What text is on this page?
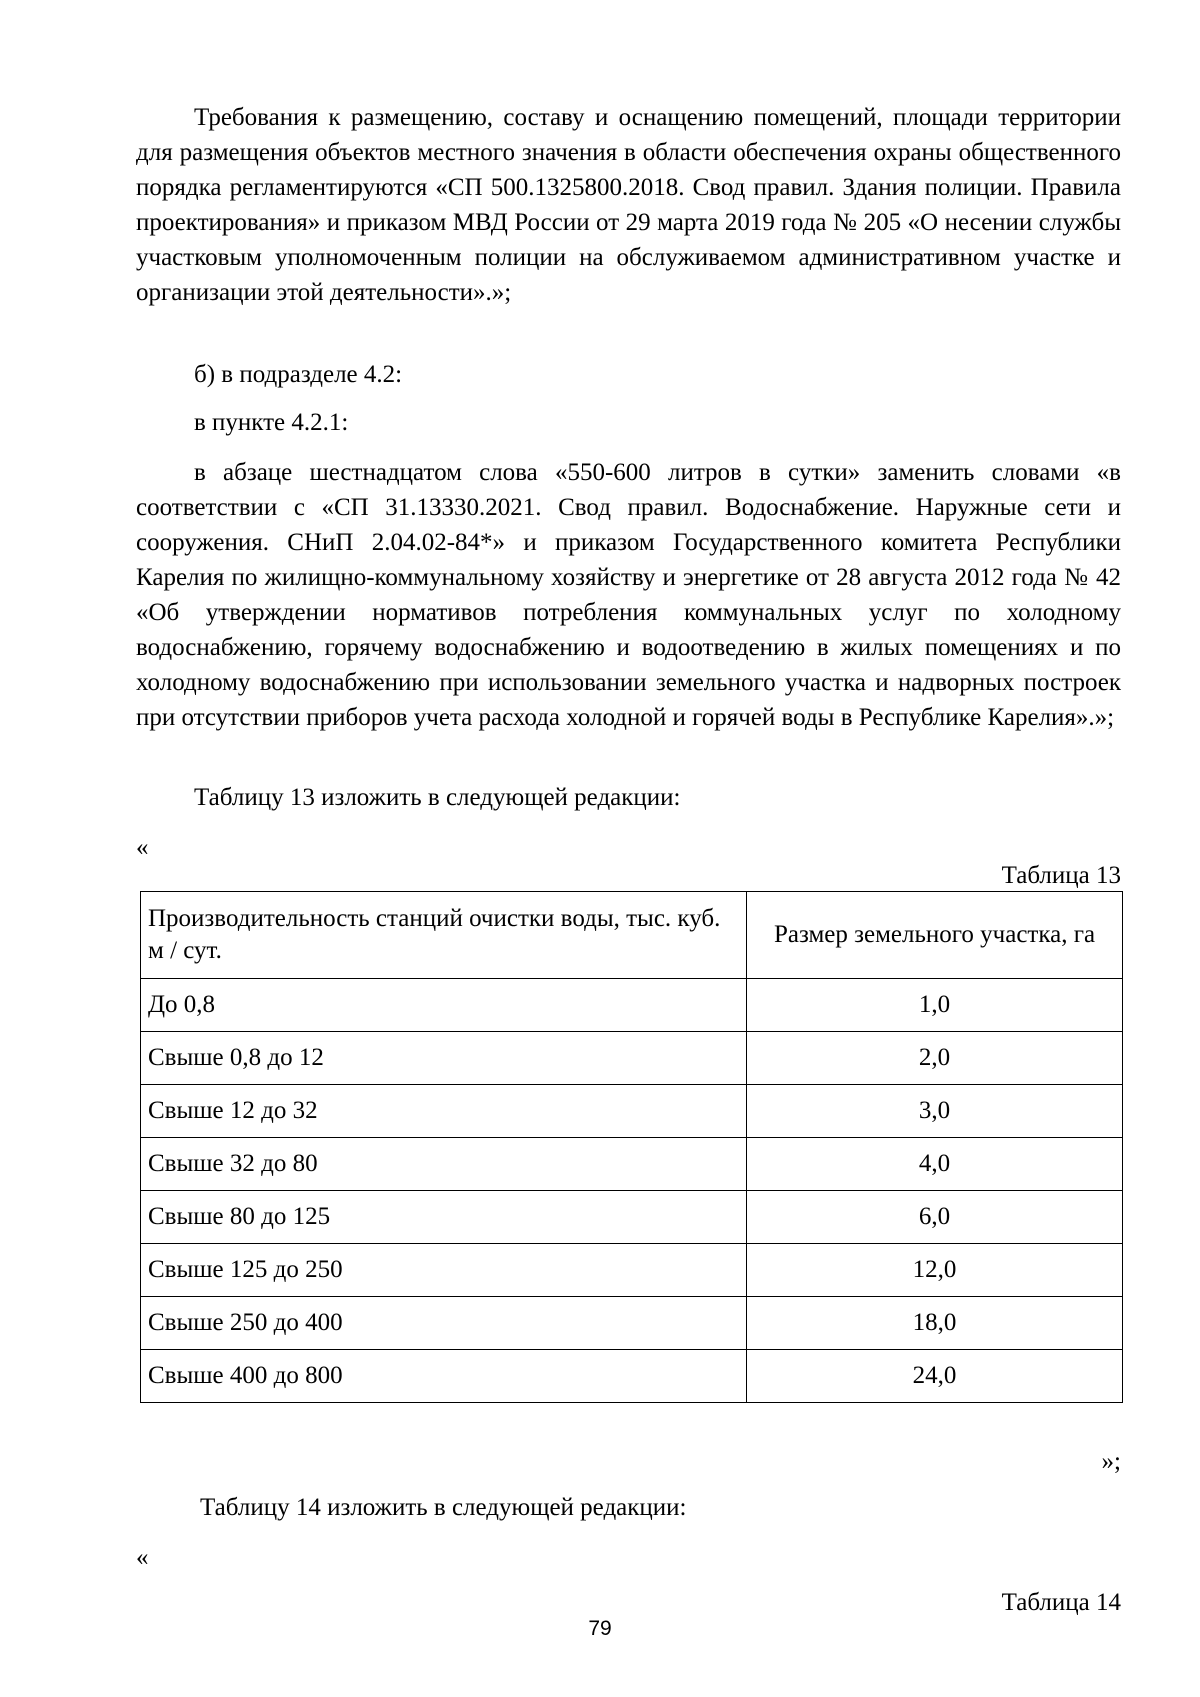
Требования к размещению, составу и оснащению помещений, площади территории для размещения объектов местного значения в области обеспечения охраны общественного порядка регламентируются «СП 500.1325800.2018. Свод правил. Здания полиции. Правила проектирования» и приказом МВД России от 29 марта 2019 года № 205 «О несении службы участковым уполномоченным полиции на обслуживаемом административном участке и организации этой деятельности».»;

б) в подразделе 4.2:

в пункте 4.2.1:

в абзаце шестнадцатом слова «550-600 литров в сутки» заменить словами «в соответствии с «СП 31.13330.2021. Свод правил. Водоснабжение. Наружные сети и сооружения. СНиП 2.04.02-84*» и приказом Государственного комитета Республики Карелия по жилищно-коммунальному хозяйству и энергетике от 28 августа 2012 года № 42 «Об утверждении нормативов потребления коммунальных услуг по холодному водоснабжению, горячему водоснабжению и водоотведению в жилых помещениях и по холодному водоснабжению при использовании земельного участка и надворных построек при отсутствии приборов учета расхода холодной и горячей воды в Республике Карелия».»;

Таблицу 13 изложить в следующей редакции:

«

Таблица 13

Производительность станций очистки воды, тыс. куб. м / сут.	Размер земельного участка, га
До 0,8	1,0
Свыше 0,8 до 12	2,0
Свыше 12 до 32	3,0
Свыше 32 до 80	4,0
Свыше 80 до 125	6,0
Свыше 125 до 250	12,0
Свыше 250 до 400	18,0
Свыше 400 до 800	24,0

»;

Таблицу 14 изложить в следующей редакции:

«

Таблица 14

79
